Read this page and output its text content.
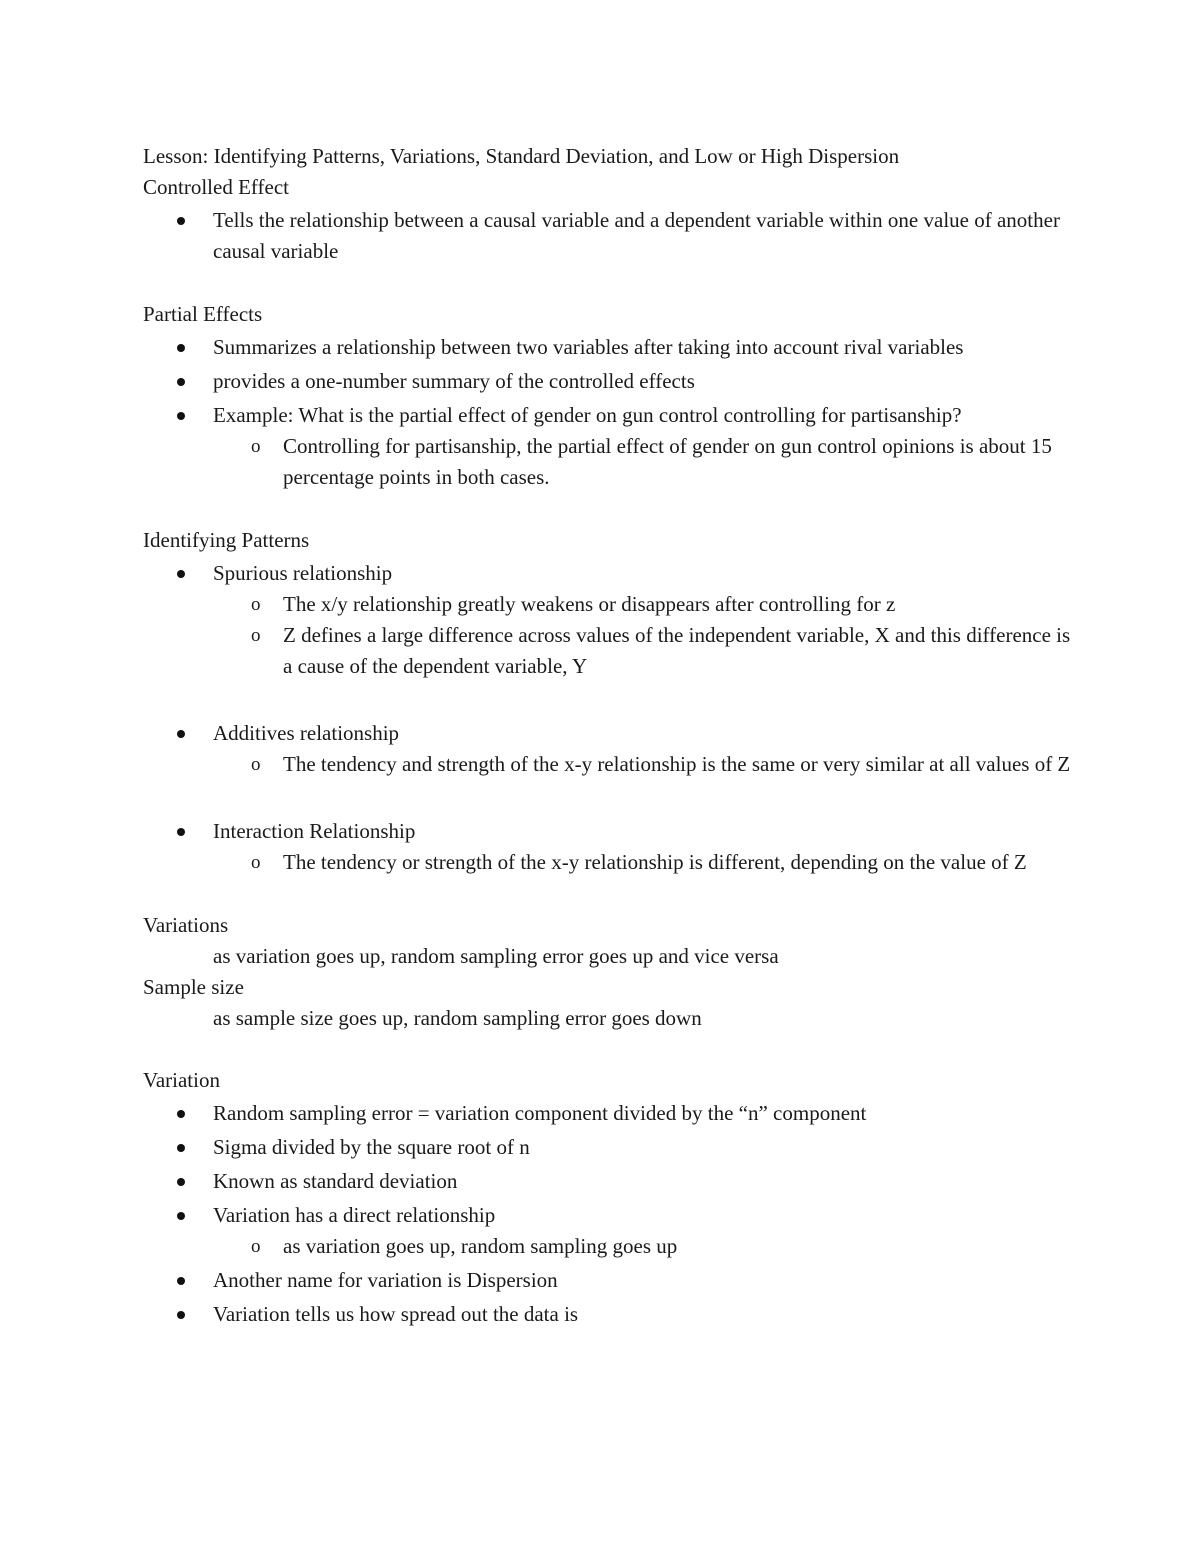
Lesson: Identifying Patterns, Variations, Standard Deviation, and Low or High Dispersion

Controlled Effect

Tells the relationship between a causal variable and a dependent variable within one value of another causal variable

Partial Effects

Summarizes a relationship between two variables after taking into account rival variables
provides a one-number summary of the controlled effects
Example: What is the partial effect of gender on gun control controlling for partisanship?
o Controlling for partisanship, the partial effect of gender on gun control opinions is about 15 percentage points in both cases.

Identifying Patterns

Spurious relationship
o The x/y relationship greatly weakens or disappears after controlling for z
o Z defines a large difference across values of the independent variable, X and this difference is a cause of the dependent variable, Y
Additives relationship
o The tendency and strength of the x-y relationship is the same or very similar at all values of Z
Interaction Relationship
o The tendency or strength of the x-y relationship is different, depending on the value of Z

Variations

as variation goes up, random sampling error goes up and vice versa

Sample size

as sample size goes up, random sampling error goes down

Variation

Random sampling error = variation component divided by the “n” component
Sigma divided by the square root of n
Known as standard deviation
Variation has a direct relationship
o as variation goes up, random sampling goes up
Another name for variation is Dispersion
Variation tells us how spread out the data is
